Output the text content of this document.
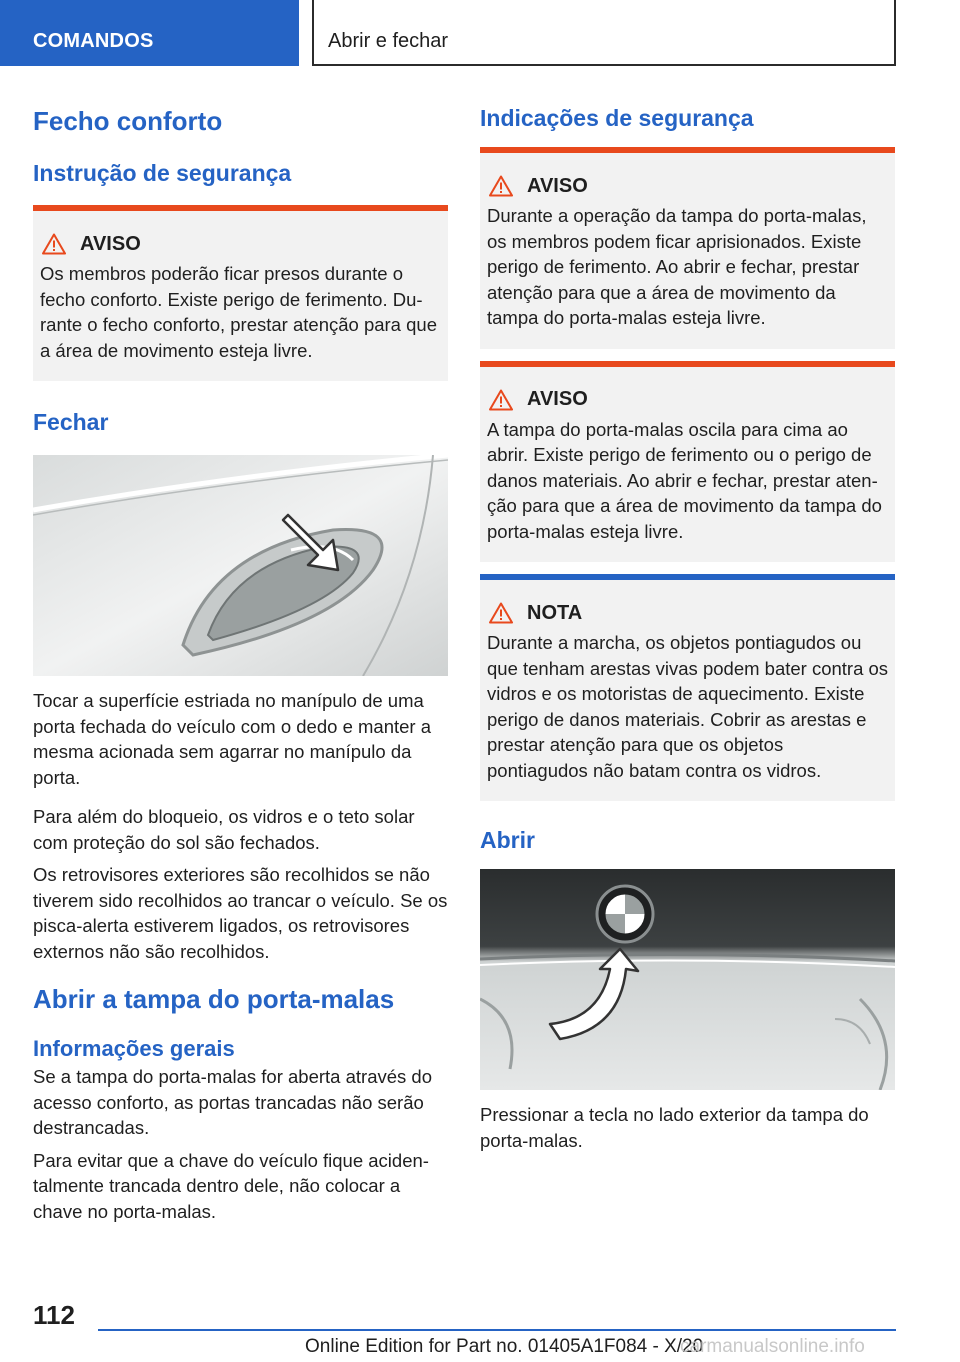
COMANDOS	Abrir e fechar
Fecho conforto
Instrução de segurança
AVISO
Os membros poderão ficar presos durante o fecho conforto. Existe perigo de ferimento. Durante o fecho conforto, prestar atenção para que a área de movimento esteja livre.
Fechar
Tocar a superfície estriada no manípulo de uma porta fechada do veículo com o dedo e manter a mesma acionada sem agarrar no manípulo da porta.
Para além do bloqueio, os vidros e o teto solar com proteção do sol são fechados.
Os retrovisores exteriores são recolhidos se não tiverem sido recolhidos ao trancar o veículo. Se os pisca-alerta estiverem ligados, os retrovisores externos não são recolhidos.
Abrir a tampa do porta-malas
Informações gerais
Se a tampa do porta-malas for aberta através do acesso conforto, as portas trancadas não serão destrancadas.
Para evitar que a chave do veículo fique acidentalmente trancada dentro dele, não colocar a chave no porta-malas.
Indicações de segurança
AVISO
Durante a operação da tampa do porta-malas, os membros podem ficar aprisionados. Existe perigo de ferimento. Ao abrir e fechar, prestar atenção para que a área de movimento da tampa do porta-malas esteja livre.
AVISO
A tampa do porta-malas oscila para cima ao abrir. Existe perigo de ferimento ou o perigo de danos materiais. Ao abrir e fechar, prestar atenção para que a área de movimento da tampa do porta-malas esteja livre.
NOTA
Durante a marcha, os objetos pontiagudos ou que tenham arestas vivas podem bater contra os vidros e os motoristas de aquecimento. Existe perigo de danos materiais. Cobrir as arestas e prestar atenção para que os objetos pontiagudos não batam contra os vidros.
Abrir
Pressionar a tecla no lado exterior da tampa do porta-malas.
112
Online Edition for Part no. 01405A1F084 - X/20
carmanualsonline.info
